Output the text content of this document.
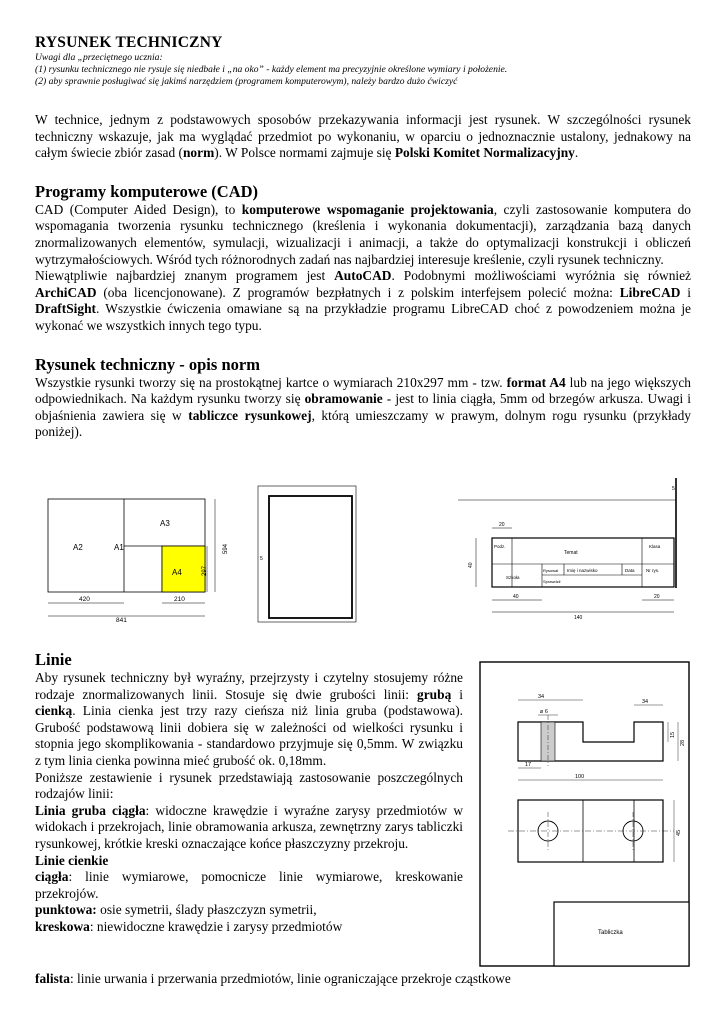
RYSUNEK TECHNICZNY
Uwagi dla „przeciętnego ucznia:
(1) rysunku technicznego nie rysuje się niedbałe i „na oko” - każdy element ma precyzyjnie określone wymiary i położenie.
(2) aby sprawnie posługiwać się jakimś narzędziem (programem komputerowym), należy bardzo dużo ćwiczyć

W technice, jednym z podstawowych sposobów przekazywania informacji jest rysunek. W szczególności rysunek techniczny wskazuje, jak ma wyglądać przedmiot po wykonaniu, w oparciu o jednoznacznie ustalony, jednakowy na całym świecie zbiór zasad (norm). W Polsce normami zajmuje się Polski Komitet Normalizacyjny.

Programy komputerowe (CAD)

CAD (Computer Aided Design), to komputerowe wspomaganie projektowania, czyli zastosowanie komputera do wspomagania tworzenia rysunku technicznego (kreślenia i wykonania dokumentacji), zarządzania bazą danych znormalizowanych elementów, symulacji, wizualizacji i animacji, a także do optymalizacji konstrukcji i obliczeń wytrzymałościowych. Wśród tych różnorodnych zadań nas najbardziej interesuje kreślenie, czyli rysunek techniczny.

Niewątpliwie najbardziej znanym programem jest AutoCAD. Podobnymi możliwościami wyróżnia się również ArchiCAD (oba licencjonowane). Z programów bezpłatnych i z polskim interfejsem polecić można: LibreCAD i DraftSight. Wszystkie ćwiczenia omawiane są na przykładzie programu LibreCAD choć z powodzeniem można je wykonać we wszystkich innych tego typu.

Rysunek techniczny - opis norm

Wszystkie rysunki tworzy się na prostokątnej kartce o wymiarach 210x297 mm - tzw. format A4 lub na jego większych odpowiednikach. Na każdym rysunku tworzy się obramowanie - jest to linia ciągła, 5mm od brzegów arkusza. Uwagi i objaśnienia zawiera się w tabliczce rysunkowej, którą umieszczamy w prawym, dolnym rogu rysunku (przykłady poniżej).

A3
A2	A1
A4
594
297
420	210
841
5
5
Podz.
Temat
Klasa
Szkoła
Rysował Imię i nazwisko	Data	Nr rys.
Sprawdził
20
40
40	20
140
Linie
Aby rysunek techniczny był wyraźny, przejrzysty i czytelny stosujemy różne rodzaje znormalizowanych linii. Stosuje się dwie grubości linii: grubą i cienką. Linia cienka jest trzy razy cieńsza niż linia gruba (podstawowa). Grubość podstawową linii dobiera się w zależności od wielkości rysunku i stopnia jego skomplikowania - standardowo przyjmuje się 0,5mm. W związku z tym linia cienka powinna mieć grubość ok. 0,18mm.
Poniższe zestawienie i rysunek przedstawiają zastosowanie poszczególnych rodzajów linii:
Linia gruba ciągła: widoczne krawędzie i wyraźne zarysy przedmiotów w widokach i przekrojach, linie obramowania arkusza, zewnętrzny zarys tabliczki rysunkowej, krótkie kreski oznaczające końce płaszczyzny przekroju.
Linie cienkie
ciągła: linie wymiarowe, pomocnicze linie wymiarowe, kreskowanie przekrojów.
punktowa: osie symetrii, ślady płaszczyzn symetrii,
kreskowa: niewidoczne krawędzie i zarysy przedmiotów
falista: linie urwania i przerwania przedmiotów, linie ograniczające przekroje cząstkowe
Tabliczka
34
34
⌀ 6
15
28
17
100
45
